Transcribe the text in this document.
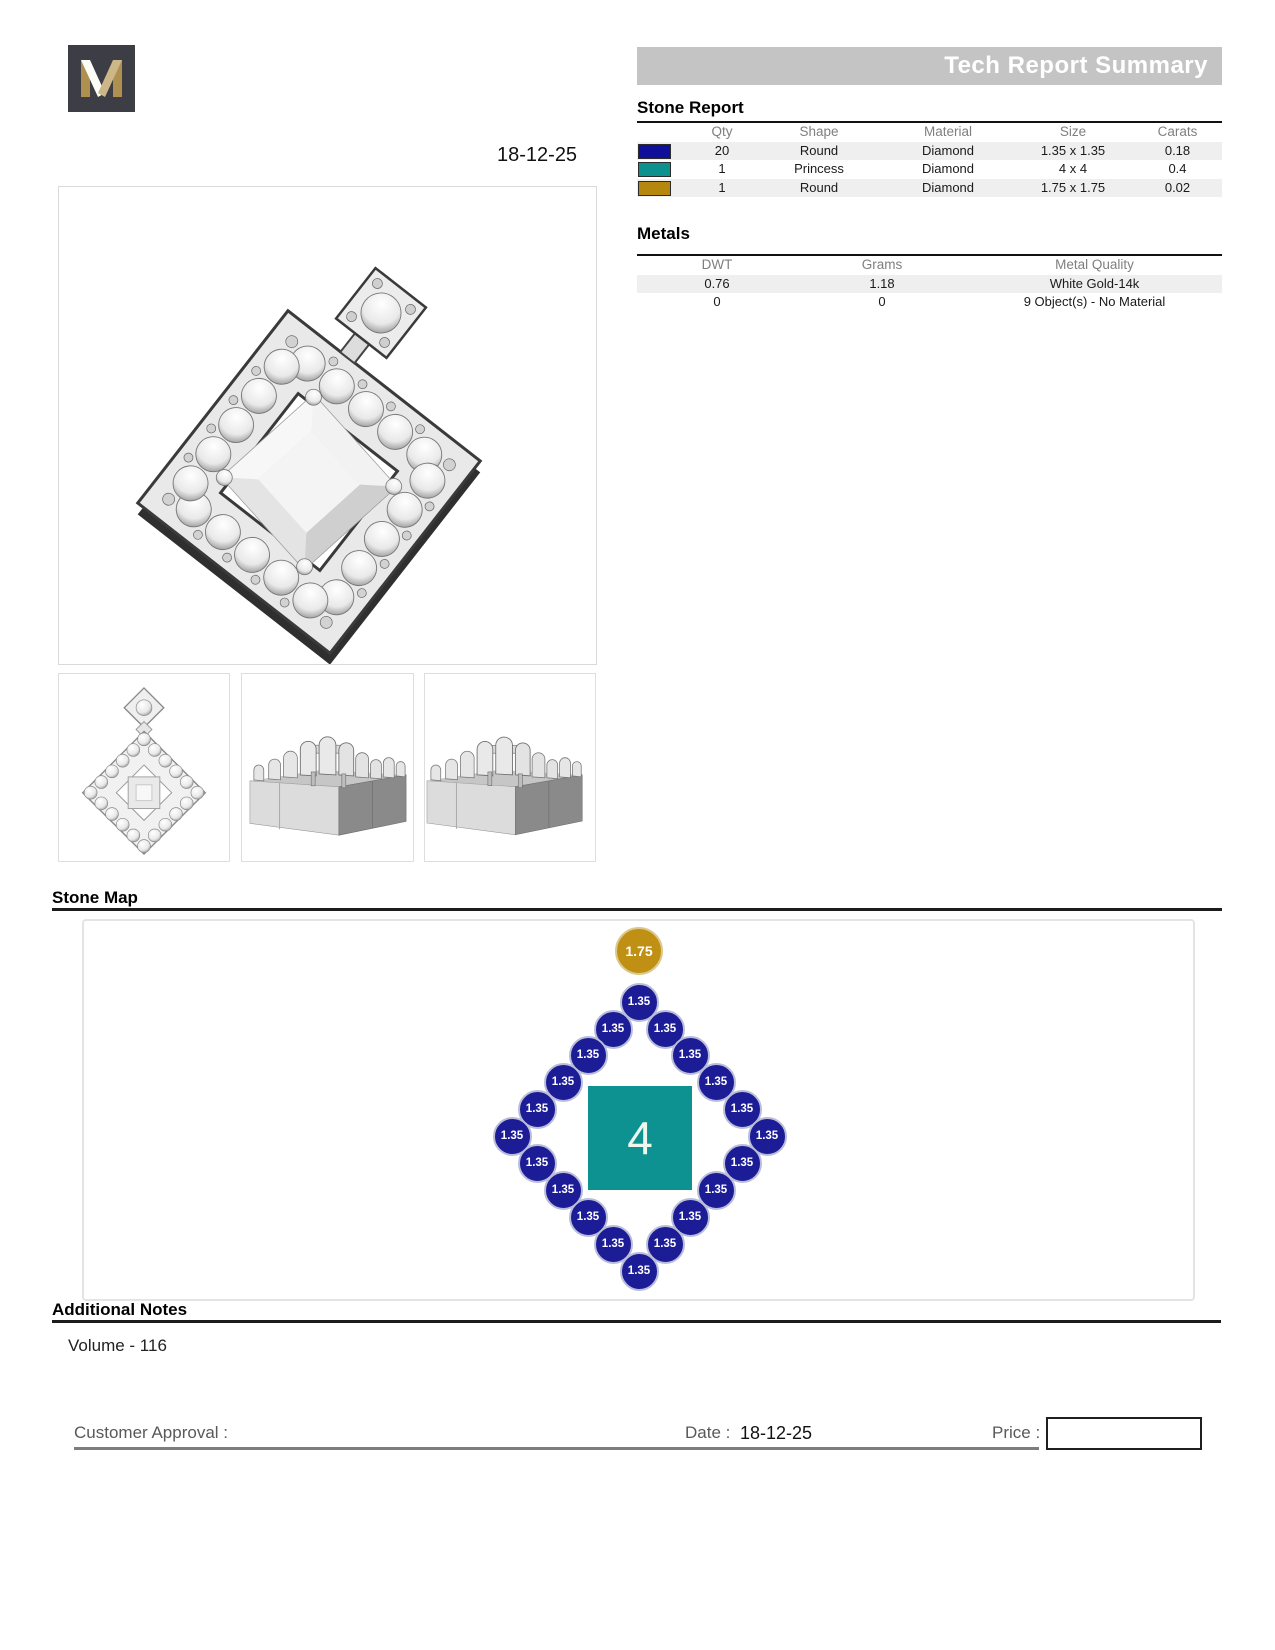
Tech Report Summary
18-12-25
Stone Report
Qty	Shape	Material	Size	Carats
20	Round	Diamond	1.35 x 1.35	0.18
1	Princess	Diamond	4 x 4	0.4
1	Round	Diamond	1.75 x 1.75	0.02
Metals
DWT	Grams	Metal Quality
0.76	1.18	White Gold-14k
0	0	9 Object(s) - No Material
Stone Map
4
1.75
1.35
1.35	1.35
1.35	1.35
1.35	1.35
1.35	1.35
1.35	1.35
1.35	1.35
1.35	1.35
1.35	1.35
1.35	1.35
1.35
Additional Notes
Volume - 116
Customer Approval :	Date : 18-12-25	Price :
